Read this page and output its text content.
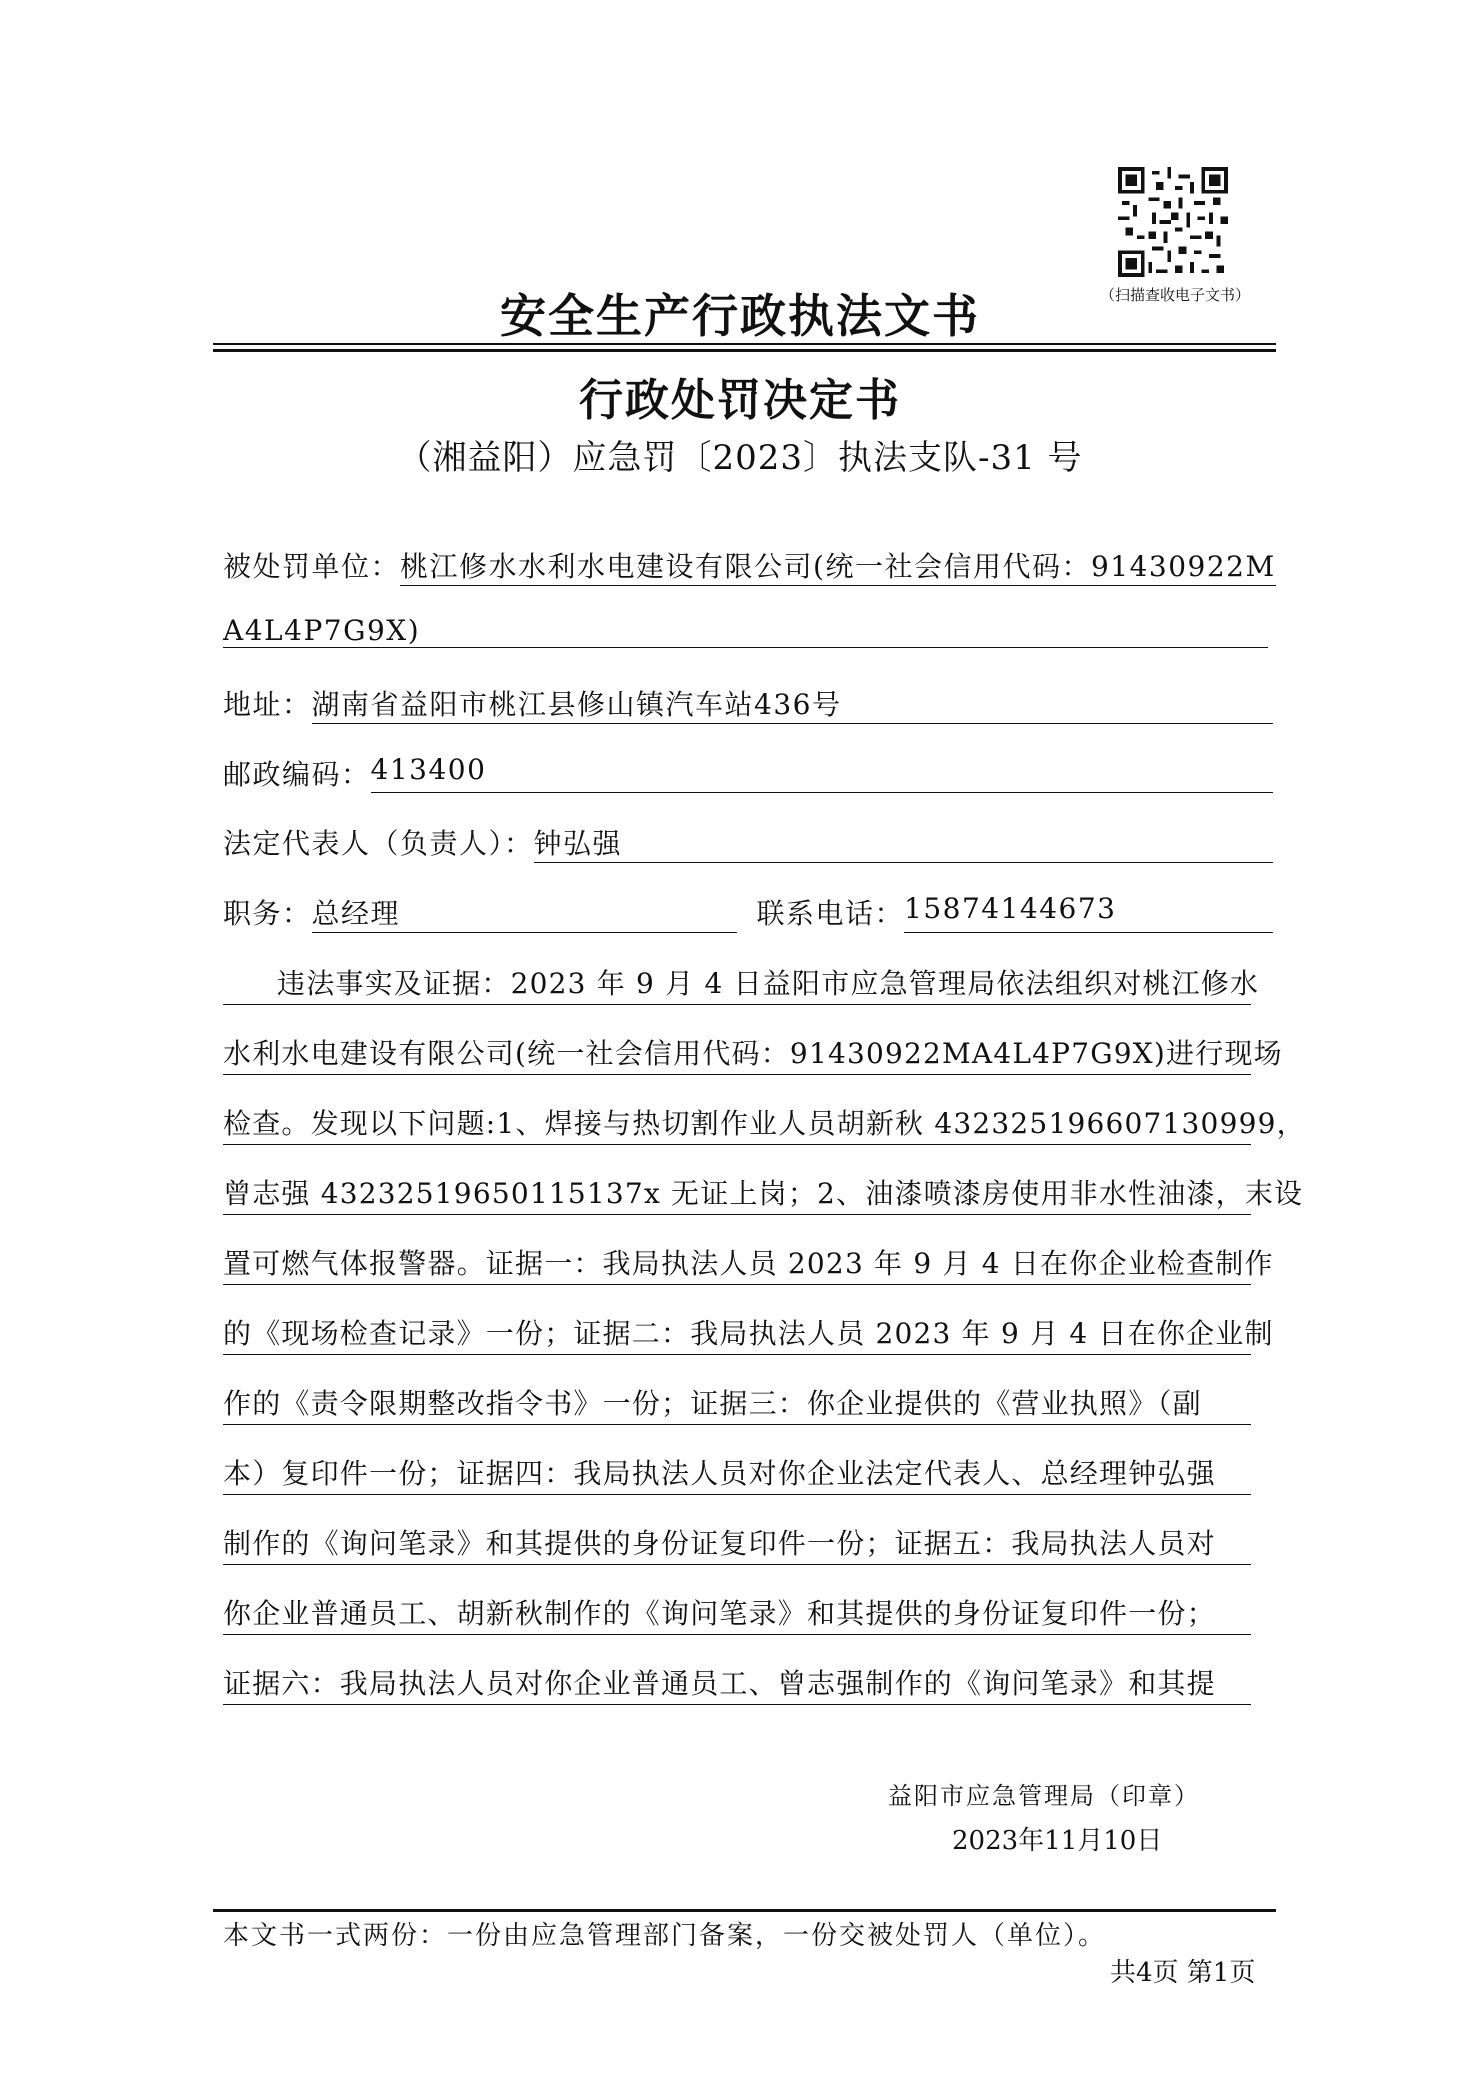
（扫描查收电子文书）
安全生产行政执法文书
行政处罚决定书
（湘益阳）应急罚〔2023〕执法支队-31 号
被处罚单位：桃江修水水利水电建设有限公司(统一社会信用代码：91430922M
A4L4P7G9X)
地址： 湖南省益阳市桃江县修山镇汽车站436号
邮政编码： 413400
法定代表人（负责人）： 钟弘强
职务： 总经理	联系电话： 15874144673
违法事实及证据：2023 年 9 月 4 日益阳市应急管理局依法组织对桃江修水
水利水电建设有限公司(统一社会信用代码：91430922MA4L4P7G9X)进行现场
检查。发现以下问题:1、焊接与热切割作业人员胡新秋 432325196607130999，
曾志强 43232519650115137x 无证上岗；2、油漆喷漆房使用非水性油漆，末设
置可燃气体报警器。证据一：我局执法人员 2023 年 9 月 4 日在你企业检查制作
的《现场检查记录》一份；证据二：我局执法人员 2023 年 9 月 4 日在你企业制
作的《责令限期整改指令书》一份；证据三：你企业提供的《营业执照》（副
本）复印件一份；证据四：我局执法人员对你企业法定代表人、总经理钟弘强
制作的《询问笔录》和其提供的身份证复印件一份；证据五：我局执法人员对
你企业普通员工、胡新秋制作的《询问笔录》和其提供的身份证复印件一份；
证据六：我局执法人员对你企业普通员工、曾志强制作的《询问笔录》和其提
益阳市应急管理局（印章）
2023年11月10日
本文书一式两份：一份由应急管理部门备案，一份交被处罚人（单位）。
共4页 第1页
